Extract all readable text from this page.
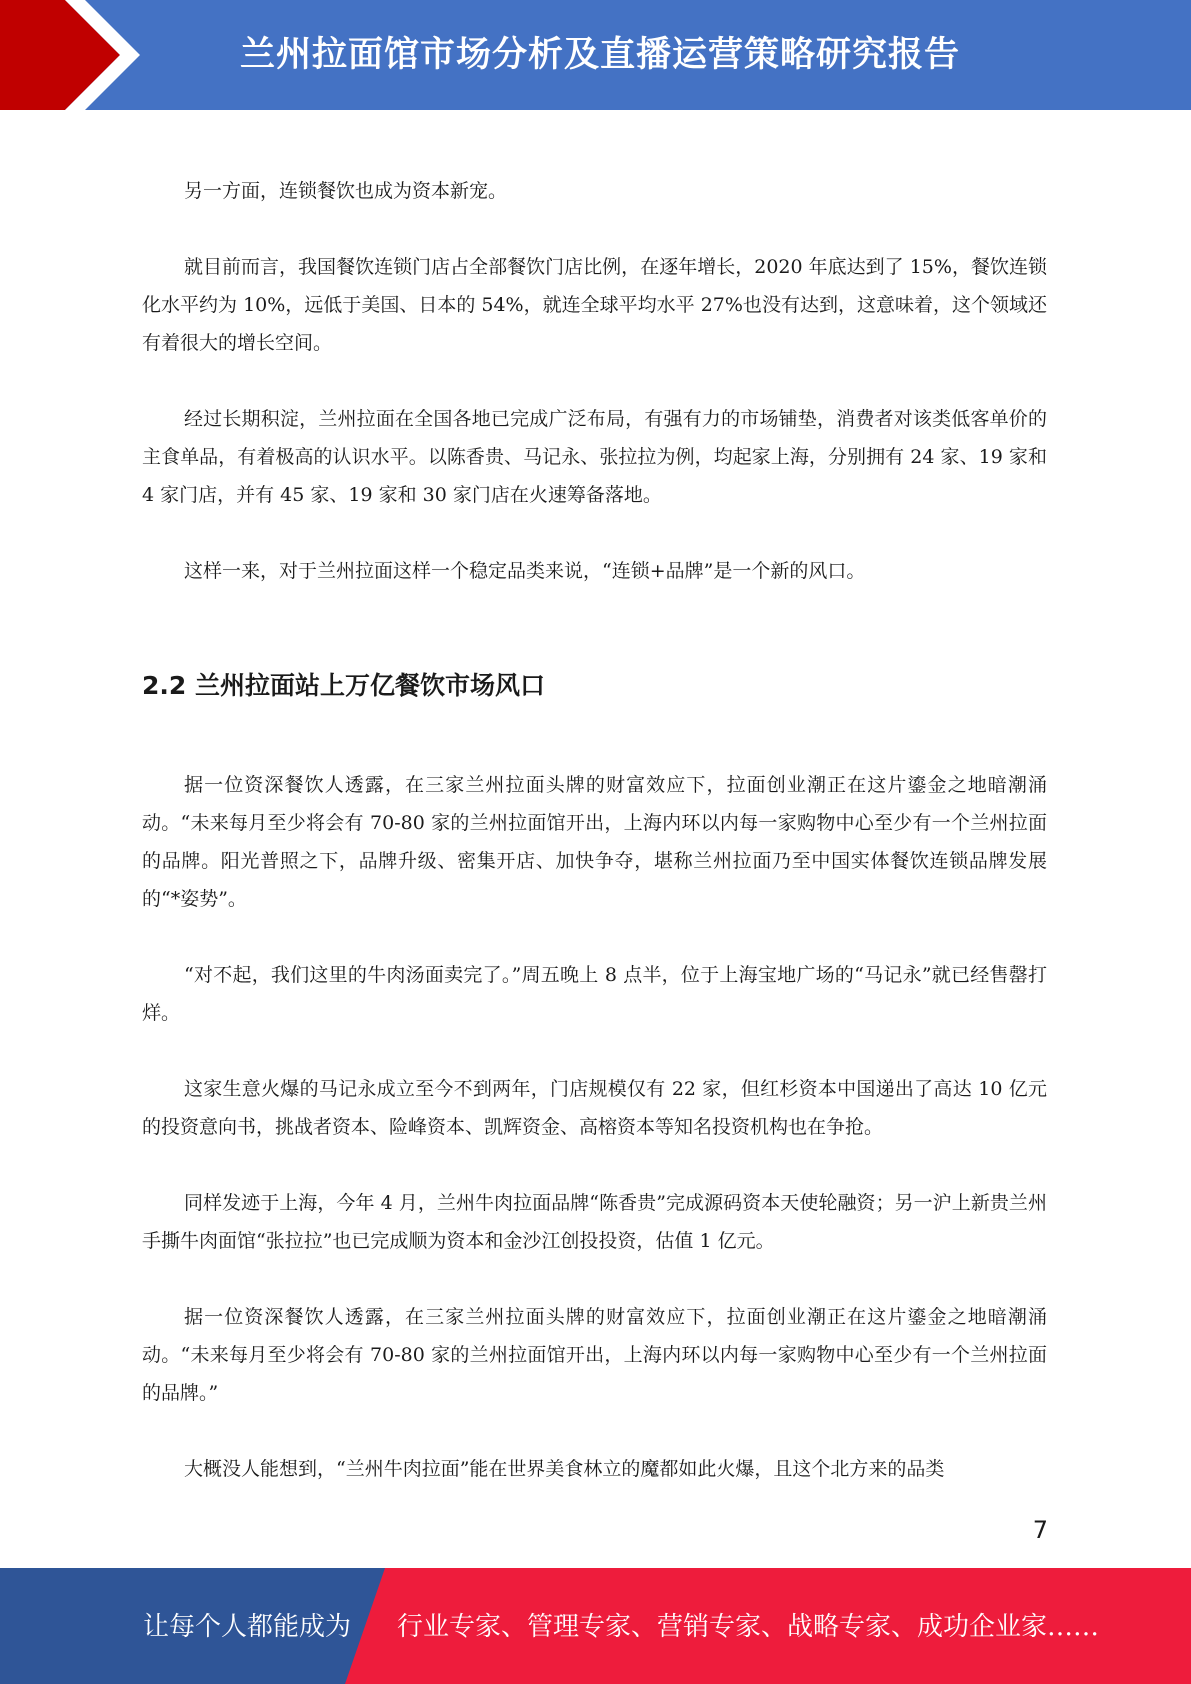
兰州拉面馆市场分析及直播运营策略研究报告

另一方面，连锁餐饮也成为资本新宠。

就目前而言，我国餐饮连锁门店占全部餐饮门店比例，在逐年增长，2020 年底达到了 15%，餐饮连锁化水平约为 10%，远低于美国、日本的 54%，就连全球平均水平 27%也没有达到，这意味着，这个领域还有着很大的增长空间。

经过长期积淀，兰州拉面在全国各地已完成广泛布局，有强有力的市场铺垫，消费者对该类低客单价的主食单品，有着极高的认识水平。以陈香贵、马记永、张拉拉为例，均起家上海，分别拥有 24 家、19 家和 4 家门店，并有 45 家、19 家和 30 家门店在火速筹备落地。

这样一来，对于兰州拉面这样一个稳定品类来说，“连锁+品牌”是一个新的风口。

2.2 兰州拉面站上万亿餐饮市场风口

据一位资深餐饮人透露，在三家兰州拉面头牌的财富效应下，拉面创业潮正在这片鎏金之地暗潮涌动。“未来每月至少将会有 70-80 家的兰州拉面馆开出，上海内环以内每一家购物中心至少有一个兰州拉面的品牌。阳光普照之下，品牌升级、密集开店、加快争夺，堪称兰州拉面乃至中国实体餐饮连锁品牌发展的“*姿势”。

“对不起，我们这里的牛肉汤面卖完了。”周五晚上 8 点半，位于上海宝地广场的“马记永”就已经售罄打烊。

这家生意火爆的马记永成立至今不到两年，门店规模仅有 22 家，但红杉资本中国递出了高达 10 亿元的投资意向书，挑战者资本、险峰资本、凯辉资金、高榕资本等知名投资机构也在争抢。

同样发迹于上海，今年 4 月，兰州牛肉拉面品牌“陈香贵”完成源码资本天使轮融资；另一沪上新贵兰州手撕牛肉面馆“张拉拉”也已完成顺为资本和金沙江创投投资，估值 1 亿元。

据一位资深餐饮人透露，在三家兰州拉面头牌的财富效应下，拉面创业潮正在这片鎏金之地暗潮涌动。“未来每月至少将会有 70-80 家的兰州拉面馆开出，上海内环以内每一家购物中心至少有一个兰州拉面的品牌。”

大概没人能想到，“兰州牛肉拉面”能在世界美食林立的魔都如此火爆，且这个北方来的品类

7
让每个人都能成为 行业专家、管理专家、营销专家、战略专家、成功企业家……
